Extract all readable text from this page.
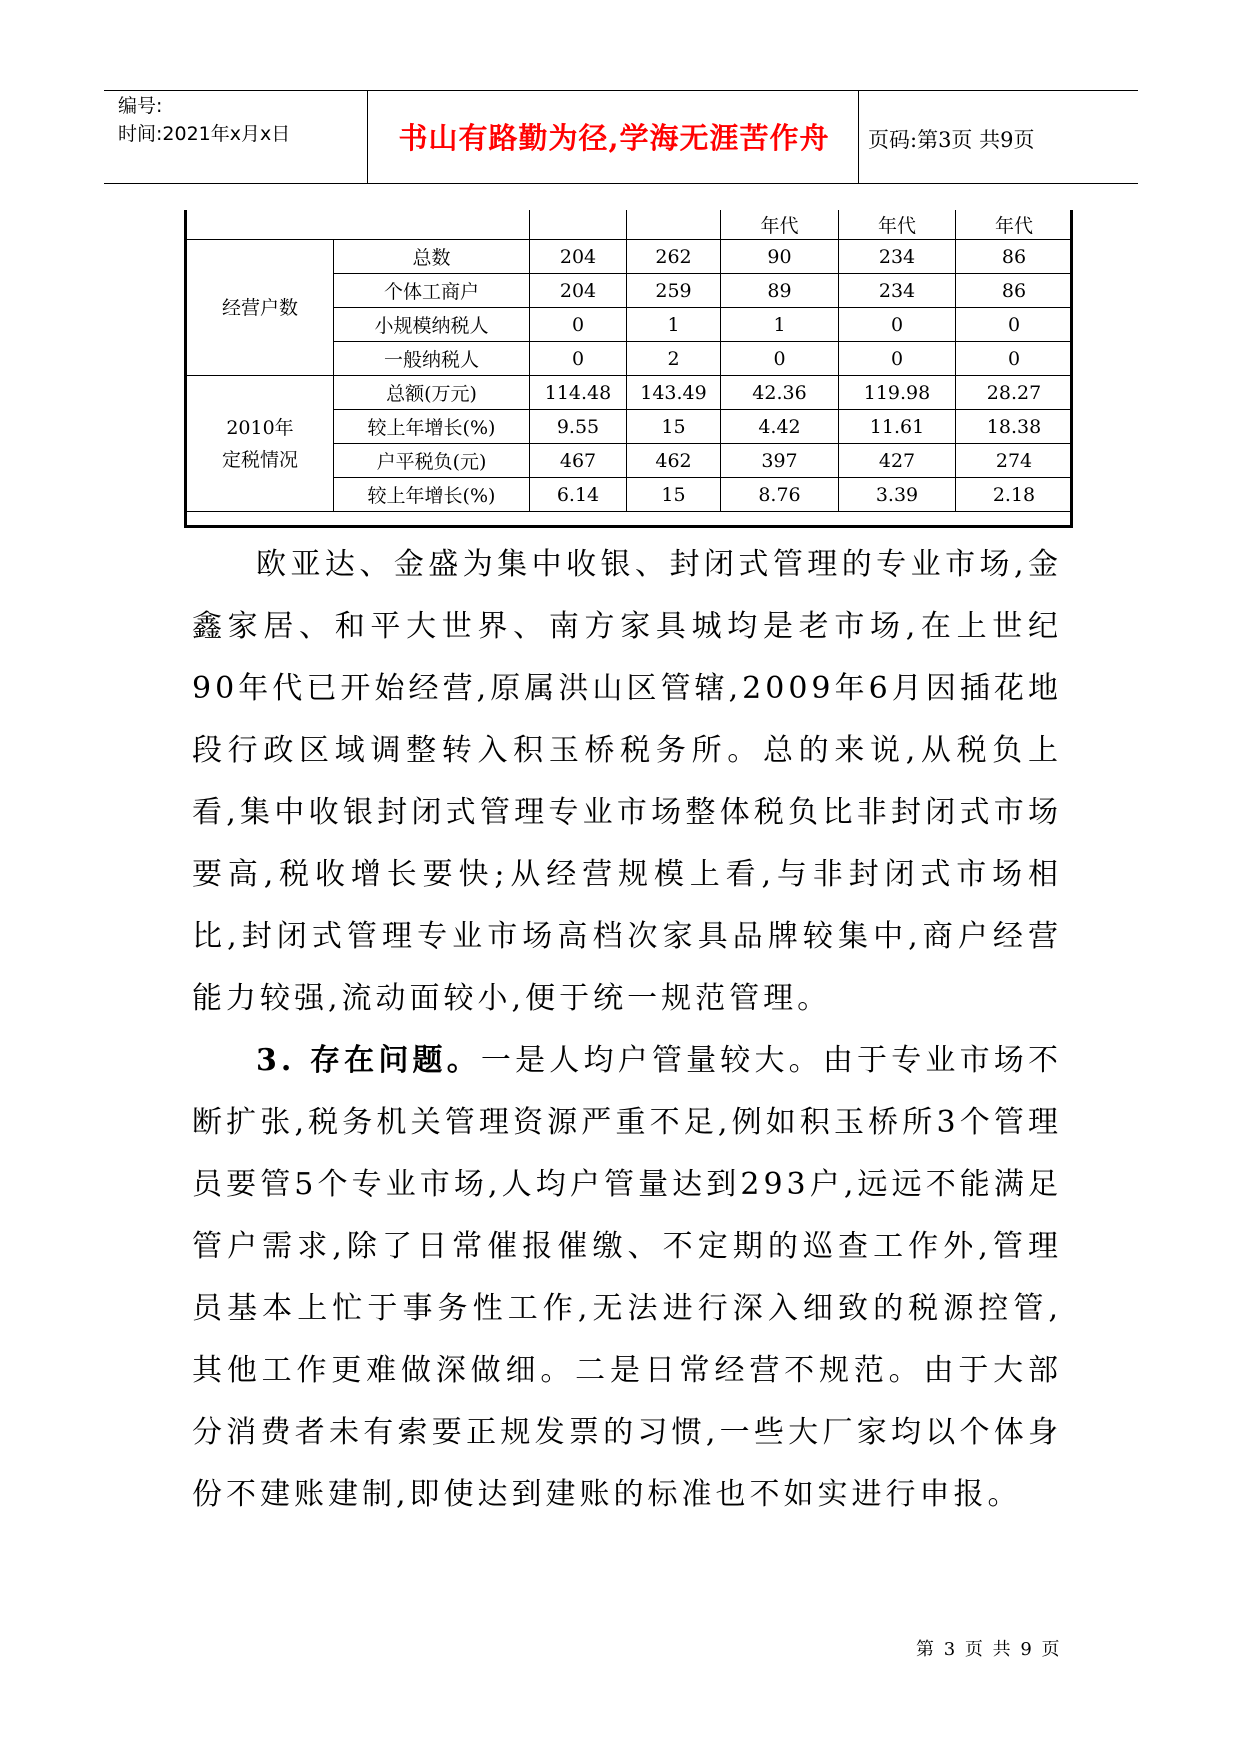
编号:
时间:2021年x月x日	书山有路勤为径,学海无涯苦作舟	页码:第3页 共9页
				年代	年代	年代
经营户数	总数	204	262	90	234	86
	个体工商户	204	259	89	234	86
	小规模纳税人	0	1	1	0	0
	一般纳税人	0	2	0	0	0

2010年
定税情况	总额(万元)	114.48	143.49	42.36	119.98	28.27
	较上年增长(%)	9.55	15	4.42	11.61	18.38
	户平税负(元)	467	462	397	427	274
	较上年增长(%)	6.14	15	8.76	3.39	2.18

欧亚达、金盛为集中收银、封闭式管理的专业市场,金鑫家居、和平大世界、南方家具城均是老市场,在上世纪90年代已开始经营,原属洪山区管辖,2009年6月因插花地段行政区域调整转入积玉桥税务所。总的来说,从税负上看,集中收银封闭式管理专业市场整体税负比非封闭式市场要高,税收增长要快;从经营规模上看,与非封闭式市场相比,封闭式管理专业市场高档次家具品牌较集中,商户经营能力较强,流动面较小,便于统一规范管理。

3. 存在问题。一是人均户管量较大。由于专业市场不断扩张,税务机关管理资源严重不足,例如积玉桥所3个管理员要管5个专业市场,人均户管量达到293户,远远不能满足管户需求,除了日常催报催缴、不定期的巡查工作外,管理员基本上忙于事务性工作,无法进行深入细致的税源控管,其他工作更难做深做细。二是日常经营不规范。由于大部分消费者未有索要正规发票的习惯,一些大厂家均以个体身份不建账建制,即使达到建账的标准也不如实进行申报。

第 3 页 共 9 页
